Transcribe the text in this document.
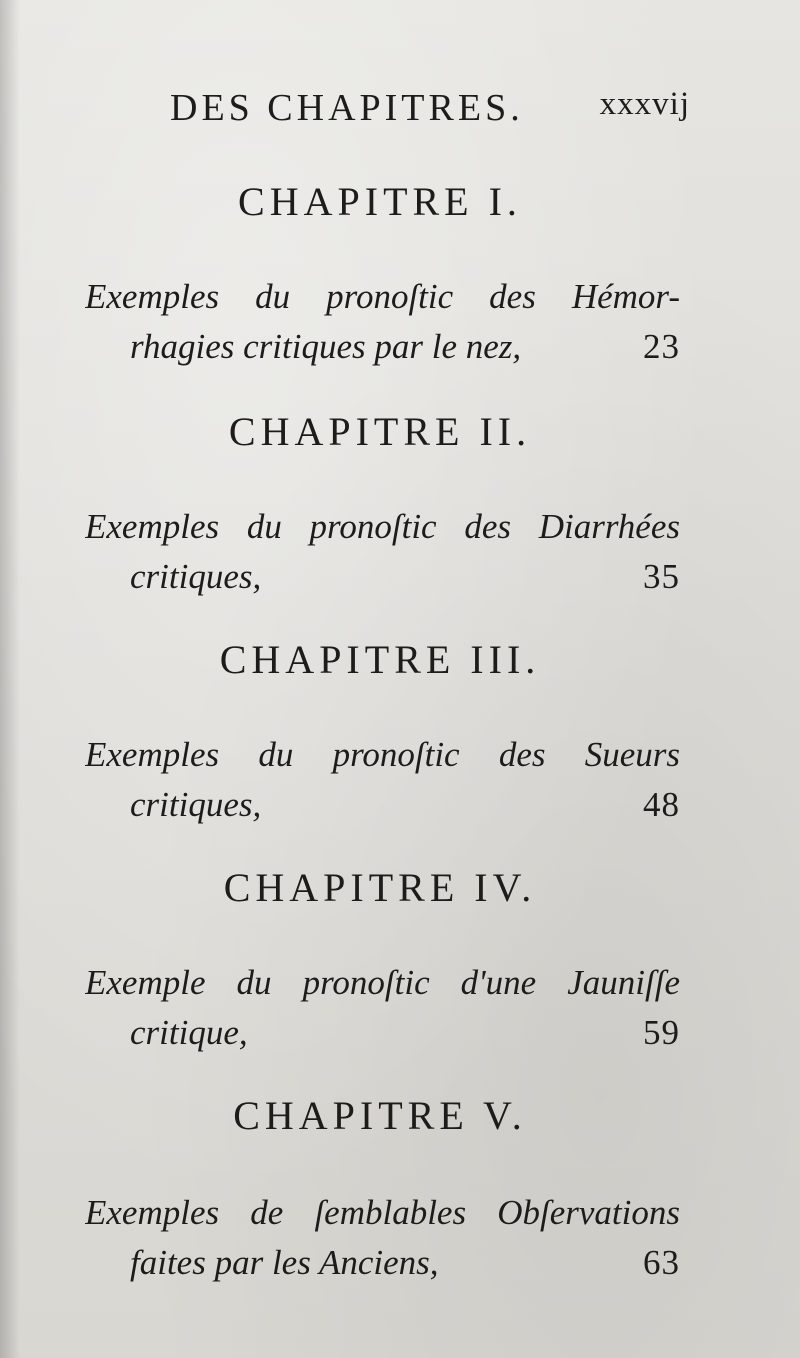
DES CHAPITRES. xxxvij
CHAPITRE I.
Exemples du pronoſtic des Hémor-
rhagies critiques par le nez,	23
CHAPITRE II.
Exemples du pronoſtic des Diarrhées
critiques,	35
CHAPITRE III.
Exemples du pronoſtic des Sueurs
critiques,	48
CHAPITRE IV.
Exemple du pronoſtic d'une Jauniſſe
critique,	59
CHAPITRE V.
Exemples de ſemblables Obſervations
faites par les Anciens,	63
